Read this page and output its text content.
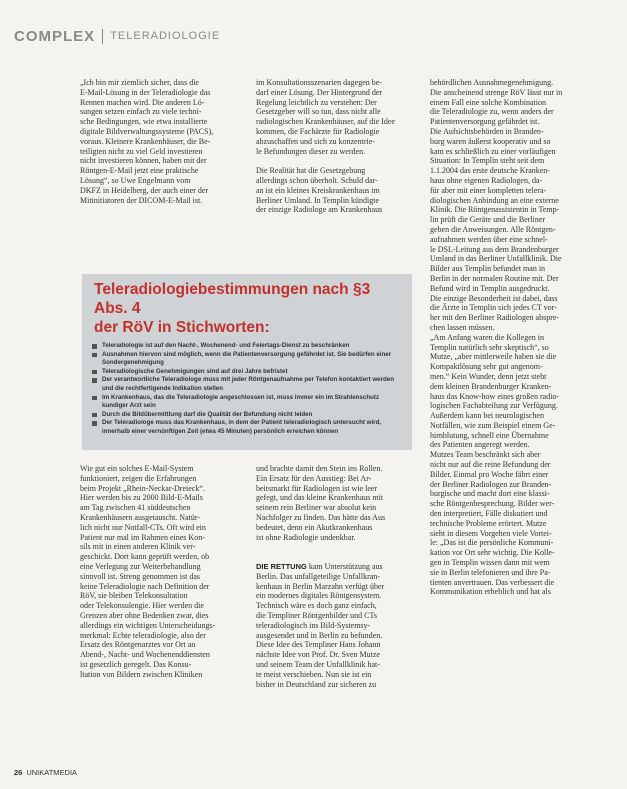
COMPLEX TELERADIOLOGIE

„Ich bin mir ziemlich sicher, dass die

E-Mail-Lösung in der Teleradiologie das

Rennen machen wird. Die anderen Lö-

sungen setzen einfach zu viele techni-

sche Bedingungen, wie etwa installierte

digitale Bildverwaltungssysteme (PACS),

voraus. Kleinere Krankenhäuser, die Be-

teiligten nicht zu viel Geld investieren

nicht investieren können, haben mit der

Röntgen-E-Mail jetzt eine praktische

Lösung“, so Uwe Engelmann vom

DKFZ in Heidelberg, der auch einer der

Mitinitiatoren der DICOM-E-Mail ist.

im Konsultationsszenarien dagegen be-

darf einer Lösung. Der Hintergrund der

Regelung leichtlich zu verstehen: Der

Gesetzgeber will so tun, dass nicht alle

radiologischen Krankenhäuser, auf die Idee

kommen, die Fachärzte für Radiologie

abzuschaffen und sich zu konzentrie-

le Befundungen dieser zu werden.

Die Realität hat die Gesetzgebung

allerdings schon überholt. Schuld dar-

an ist ein kleines Kreiskrankenhaus im

Berliner Umland. In Templin kündigte

der einzige Radiologe am Krankenhaus

behördlichen Ausnahmegenehmigung.

Die anscheinend strenge RöV lässt nur in

einem Fall eine solche Kombination

die Teleradiologie zu, wenn anders der

Patientenversorgung gefährdet ist.

Die Aufsichtsbehörden in Branden-

burg waren äußerst kooperativ und so

kam es schließlich zu einer vorläufigen

Situation: In Templin steht seit dem

1.1.2004 das erste deutsche Kranken-

haus ohne eigenen Radiologen, da-

für aber mit einer kompletten telera-

diologischen Anbindung an eine externe

Klinik. Die Röntgenassistentin in Temp-

lin prüft die Geräte und die Berliner

geben die Anweisungen. Alle Röntgen-

aufnahmen werden über eine schnel-

le DSL-Leitung aus dem Brandenburger

Umland in das Berliner Unfallklinik. Die

Bilder aus Templin befundet man in

Berlin in der normalen Routine mit. Der

Befund wird in Templin ausgedruckt.

Die einzige Besonderheit ist dabei, dass

die Ärzte in Templin sich jedes CT vor-

her mit den Berliner Radiologen abspre-

chen lassen müssen.

„Am Anfang waren die Kollegen in

Templin natürlich sehr skeptisch“, so

Mutze, „aber mittlerweile haben sie die

Kompaktlösung sehr gut angenom-

men.“ Kein Wunder, denn jetzt steht

dem kleinen Brandenburger Kranken-

haus das Know-how eines großen radio-

logischen Fachabteilung zur Verfügung.

Außerdem kann bei neurologischen

Notfällen, wie zum Beispiel einem Ge-

hirnblutung, schnell eine Übernahme

des Patienten angeregt werden.

Mutzes Team beschränkt sich aber

nicht nur auf die reine Befundung der

Bilder. Einmal pro Woche fährt einer

der Berliner Radiologen zur Branden-

burgische und macht dort eine klassi-

sche Röntgenbesprechung. Bilder wer-

den interpretiert, Fälle diskutiert und

technische Probleme erörtert. Mutze

sieht in diesem Vorgehen viele Vortei-

le: „Das ist die persönliche Kommuni-

kation vor Ort sehr wichtig. Die Kolle-

gen in Templin wissen dann mit wem

sie in Berlin telefonieren und ihre Pa-

tienten anvertrauen. Das verbessert die

Kommunikation erheblich und hat als

Teleradiologiebestimmungen nach §3 Abs. 4
der RöV in Stichworten:
Teleradiologie ist auf den Nacht-, Wochenend- und Feiertags-Dienst zu beschränken
Ausnahmen hiervon sind möglich, wenn die Patientenversorgung gefährdet ist. Sie bedürfen einer Sondergenehmigung
Teleradiologische Genehmigungen sind auf drei Jahre befristet
Der verantwortliche Teleradiologe muss mit jeder Röntgenaufnahme per Telefon kontaktiert werden und die rechtfertigende Indikation stellen
Im Krankenhaus, das die Teleradiologie angeschlossen ist, muss immer ein im Strahlenschutz kundiger Arzt sein
Durch die Bildübermittlung darf die Qualität der Befundung nicht leiden
Der Teleradiologe muss das Krankenhaus, in dem der Patient teleradiologisch untersucht wird, innerhalb einer vernünftigen Zeit (etwa 45 Minuten) persönlich erreichen können

Wie gut ein solches E-Mail-System

funktioniert, zeigen die Erfahrungen

beim Projekt „Rhein-Neckar-Dreieck“.

Hier werden bis zu 2000 Bild-E-Mails

am Tag zwischen 41 süddeutschen

Krankenhäusern ausgetauscht. Natür-

lich nicht nur Notfall-CTs. Oft wird ein

Patient nur mal im Rahmen eines Kon-

sils mit in einen anderen Klinik ver-

geschickt. Dort kann geprüft werden, ob

eine Verlegung zur Weiterbehandlung

sinnvoll ist. Streng genommen ist das

keine Teleradiologie nach Definition der

RöV, sie bleiben Telekonsultation

oder Telekonsulengie. Hier werden die

Grenzen aber ohne Bedenken zwar, dies

allerdings ein wichtigen Unterscheidungs-

merkmal: Echte teleradiologie, also der

Ersatz des Röntgenarztes vor Ort an

Abend-, Nacht- und Wochenenddiensten

ist gesetzlich geregelt. Das Konsu-

ltation von Bildern zwischen Kliniken

und brachte damit den Stein ins Rollen.

Ein Ersatz für den Ausstieg: Bei Ar-

beitsmarkt für Radiologen ist wie leer

gefegt, und das kleine Krankenhaus mit

seinem rein Berliner war absolut kein

Nachfolger zu finden. Das hätte das Aus

bedeutet, denn ein Akutkrankenhaus

ist ohne Radiologie undenkbar.

DIE RETTUNG kam Unterstützung aus

Berlin. Das unfallgeteilige Unfallkran-

kenhaus in Berlin Marzahn verfügt über

ein modernes digitales Röntgensystem.

Technisch wäre es doch ganz einfach,

die Templiner Röntgenbilder und CTs

teleradiologisch ins Bild-Systemsy-

ausgesendet und in Berlin zu befunden.

Diese Idee des Templiner Hans Johann

nächste Idee von Prof. Dr. Sven Mutze

und seinem Team der Unfallklinik hat-

te meist verschieben. Nun sie ist ein

bisher in Deutschland zur sicheren zu

26 UNIKATMEDIA
